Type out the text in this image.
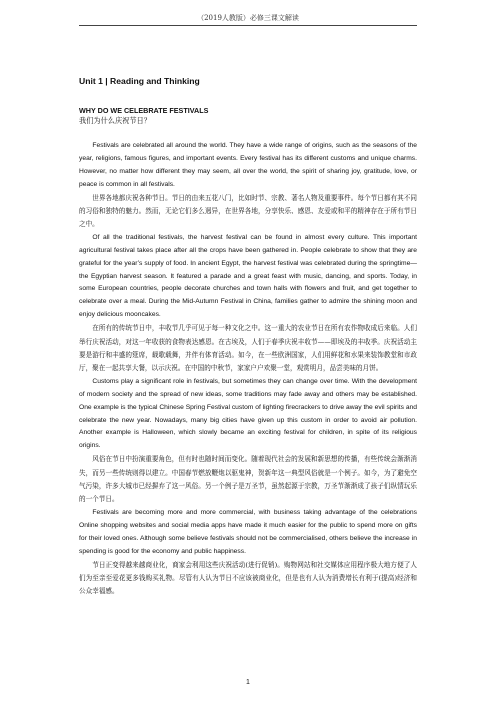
（2019人教版）必修三课文解读
Unit 1 | Reading and Thinking
WHY DO WE CELEBRATE FESTIVALS
我们为什么庆祝节日？

Festivals are celebrated all around the world. They have a wide range of origins, such as the seasons of the year, religions, famous figures, and important events. Every festival has its different customs and unique charms. However, no matter how different they may seem, all over the world, the spirit of sharing joy, gratitude, love, or peace is common in all festivals.

世界各地都庆祝各种节日。节日的由来五花八门，比如时节、宗教、著名人物及重要事件。每个节日都有其不同的习俗和独特的魅力。然而，无论它们多么迥异，在世界各地，分享快乐、感恩、友爱或和平的精神存在于所有节日之中。

Of all the traditional festivals, the harvest festival can be found in almost every culture. This important agricultural festival takes place after all the crops have been gathered in. People celebrate to show that they are grateful for the year’s supply of food. In ancient Egypt, the harvest festival was celebrated during the springtime—the Egyptian harvest season. It featured a parade and a great feast with music, dancing, and sports. Today, in some European countries, people decorate churches and town halls with flowers and fruit, and get together to celebrate over a meal. During the Mid-Autumn Festival in China, families gather to admire the shining moon and enjoy delicious mooncakes.

在所有的传统节日中，丰收节几乎可见于每一种文化之中。这一重大的农业节日在所有农作物收成后来临。人们举行庆祝活动，对这一年收获的食物表达感恩。在古埃及，人们于春季庆祝丰收节——即埃及的丰收季。庆祝活动主要是游行和丰盛的筵席，载歌载舞，并伴有体育活动。如今，在一些欧洲国家，人们用鲜花和水果来装饰教堂和市政厅，聚在一起共享大餐，以示庆祝。在中国的中秋节，家家户户欢聚一堂，观赏明月，品尝美味的月饼。

Customs play a significant role in festivals, but sometimes they can change over time. With the development of modern society and the spread of new ideas, some traditions may fade away and others may be established. One example is the typical Chinese Spring Festival custom of lighting firecrackers to drive away the evil spirits and celebrate the new year. Nowadays, many big cities have given up this custom in order to avoid air pollution. Another example is Halloween, which slowly became an exciting festival for children, in spite of its religious origins.

风俗在节日中扮演重要角色，但有时也随时间而变化。随着现代社会的发展和新思想的传播，有些传统会渐渐消失，而另一些传统则得以建立。中国春节燃放鞭炮以驱鬼神，贺新年这一典型风俗就是一个例子。如今，为了避免空气污染，许多大城市已经摒弃了这一风俗。另一个例子是万圣节，虽然起源于宗教，万圣节渐渐成了孩子们纵情玩乐的一个节日。

Festivals are becoming more and more commercial, with business taking advantage of the celebrations Online shopping websites and social media apps have made it much easier for the public to spend more on gifts for their loved ones. Although some believe festivals should not be commercialised, others believe the increase in spending is good for the economy and public happiness.

节日正变得越来越商业化，商家会利用这些庆祝活动(进行促销)。购物网站和社交媒体应用程序极大地方便了人们为至亲至爱花更多钱购买礼物。尽管有人认为节日不应该被商业化，但是也有人认为消费增长有利于(提高)经济和公众幸福感。

1
